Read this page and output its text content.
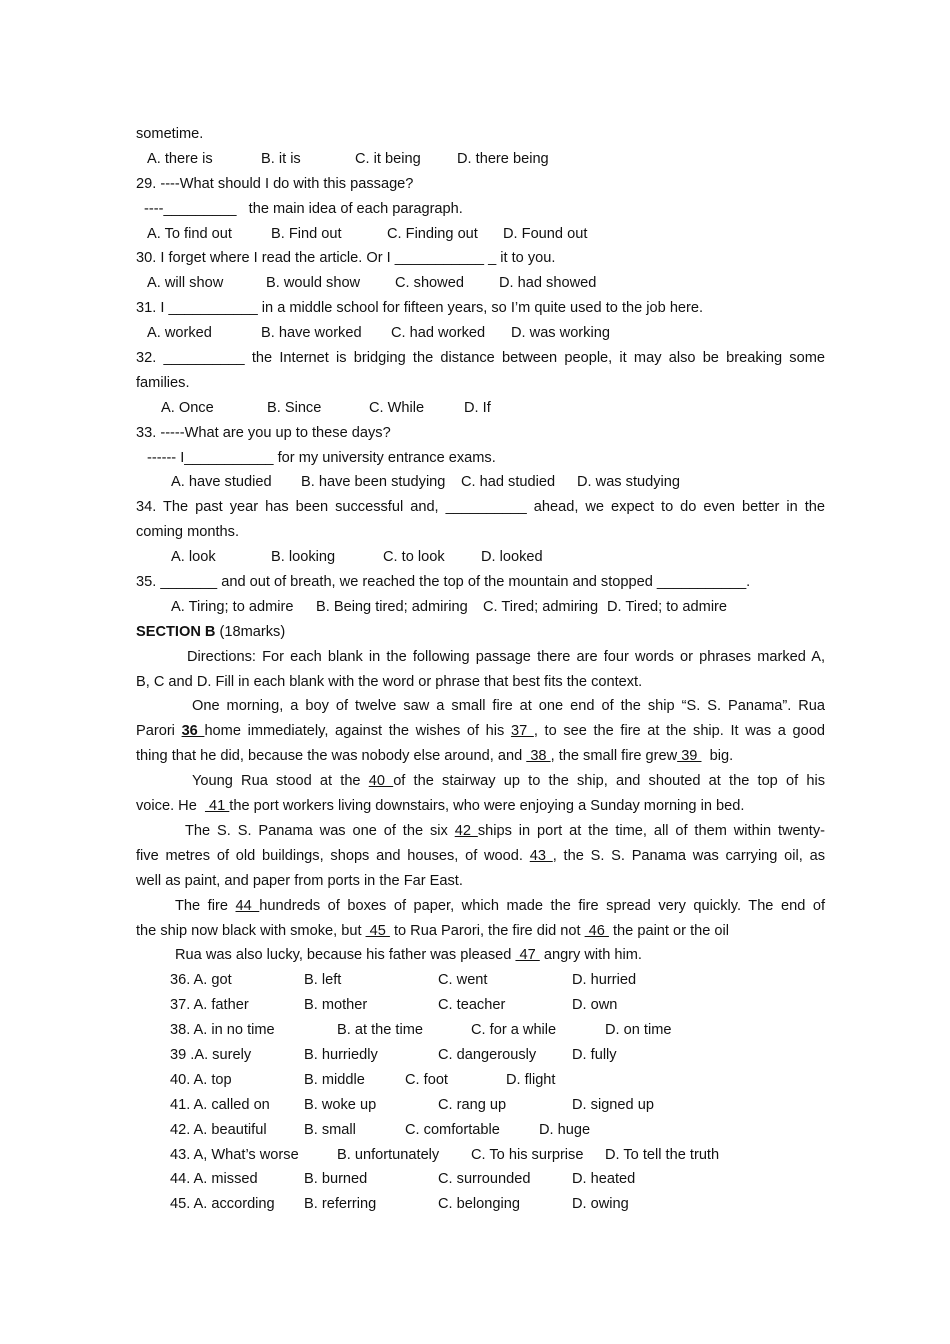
sometime.
A. there is	B. it is	C. it being D. there being
29. ----What should I do with this passage?
----_________   the main idea of each paragraph.
A. To find out	B. Find out	C. Finding out D. Found out
30. I forget where I read the article. Or I ___________ _ it to you.
A. will show	B. would show C. showed D. had showed
31. I ___________ in a middle school for fifteen years, so I’m quite used to the job here.
A. worked	B. have worked C. had worked D. was working
32. __________ the Internet is bridging the distance between people, it may also be breaking some
families.
A. Once	B. Since	C. While	D. If
33. -----What are you up to these days?
------ I___________ for my university entrance exams.
A. have studied B. have been studying C. had studied D. was studying
34. The past year has been successful and, __________ ahead, we expect to do even better in the
coming months.
A. look	B. looking	C. to look D. looked
35. _______ and out of breath, we reached the top of the mountain and stopped ___________.
A. Tiring; to admire B. Being tired; admiring C. Tired; admiring D. Tired; to admire
SECTION B (18marks)
Directions: For each blank in the following passage there are four words or phrases marked A,
B, C and D. Fill in each blank with the word or phrase that best fits the context.
One morning, a boy of twelve saw a small fire at one end of the ship “S. S. Panama”. Rua
Parori 36 home immediately, against the wishes of his 37 , to see the fire at the ship. It was a good
thing that he did, because the was nobody else around, and  38 , the small fire grew 39   big.
Young Rua stood at the 40 of the stairway up to the ship, and shouted at the top of his
voice. He   41 the port workers living downstairs, who were enjoying a Sunday morning in bed.
The S. S. Panama was one of the six 42 ships in port at the time, all of them within twenty-
five metres of old buildings, shops and houses, of wood. 43 , the S. S. Panama was carrying oil, as
well as paint, and paper from ports in the Far East.
The fire 44 hundreds of boxes of paper, which made the fire spread very quickly. The end of
the ship now black with smoke, but  45  to Rua Parori, the fire did not  46  the paint or the oil
Rua was also lucky, because his father was pleased  47  angry with him.
36. A. got	B. left	C. went	D. hurried
37. A. father	B. mother	C. teacher	D. own
38. A. in no time	B. at the time	C. for a while	D. on time
39 .A. surely	B. hurriedly	C. dangerously D. fully
40. A. top	B. middle	C. foot	D. flight
41. A. called on B. woke up	C. rang up	D. signed up
42. A. beautiful	B. small	C. comfortable	D. huge
43. A, What’s worse	B. unfortunately C. To his surprise D. To tell the truth
44. A. missed	B. burned	C. surrounded	D. heated
45. A. according B. referring	C. belonging	D. owing
